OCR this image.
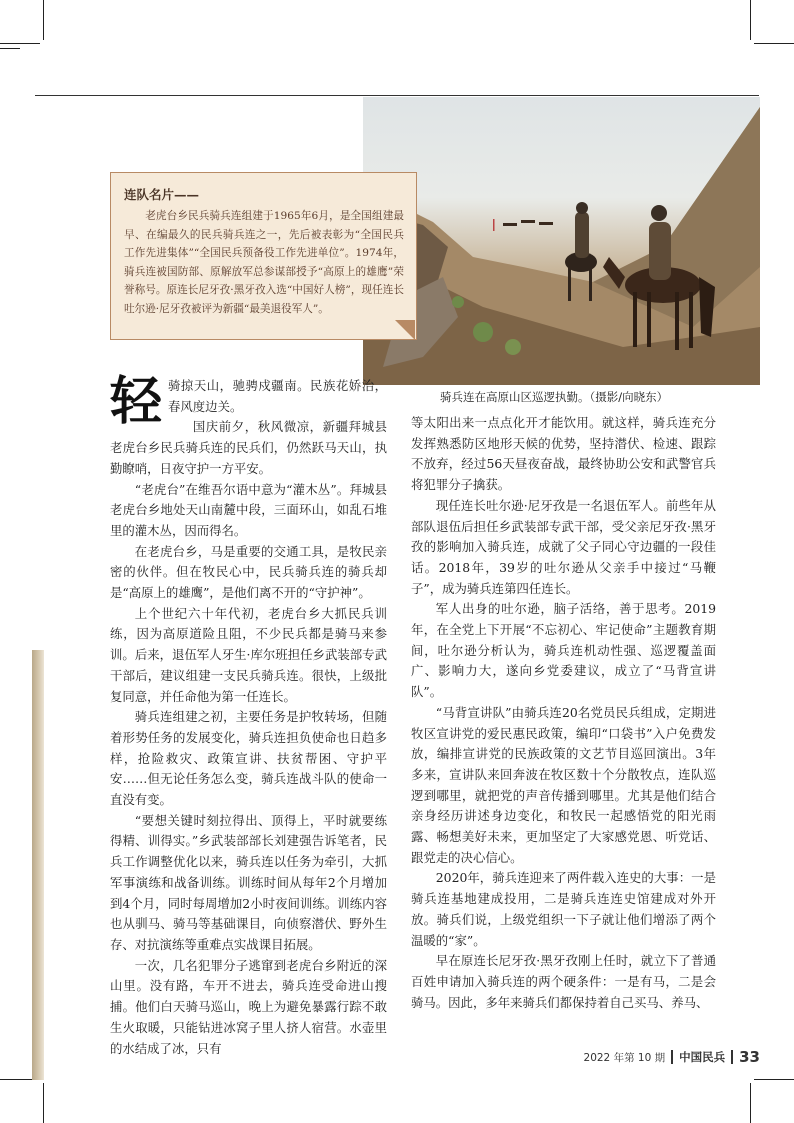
连队名片——

老虎台乡民兵骑兵连组建于1965年6月，是全国组建最早、在编最久的民兵骑兵连之一，先后被表彰为“全国民兵工作先进集体”“全国民兵预备役工作先进单位”。1974年，骑兵连被国防部、原解放军总参谋部授予“高原上的雄鹰”荣誉称号。原连长尼牙孜·黑牙孜入选“中国好人榜”，现任连长吐尔逊·尼牙孜被评为新疆“最美退役军人”。

骑兵连在高原山区巡逻执勤。（摄影/向晓东）
轻 骑掠天山，驰骋戍疆南。民族花娇治，春风度边关。

国庆前夕，秋风微凉，新疆拜城县老虎台乡民兵骑兵连的民兵们，仍然跃马天山，执勤瞭哨，日夜守护一方平安。

“老虎台”在维吾尔语中意为“灌木丛”。拜城县老虎台乡地处天山南麓中段，三面环山，如乱石堆里的灌木丛，因而得名。

在老虎台乡，马是重要的交通工具，是牧民亲密的伙伴。但在牧民心中，民兵骑兵连的骑兵却是“高原上的雄鹰”，是他们离不开的“守护神”。

上个世纪六十年代初，老虎台乡大抓民兵训练，因为高原道险且阻，不少民兵都是骑马来参训。后来，退伍军人牙生·库尔班担任乡武装部专武干部后，建议组建一支民兵骑兵连。很快，上级批复同意，并任命他为第一任连长。

骑兵连组建之初，主要任务是护牧转场，但随着形势任务的发展变化，骑兵连担负使命也日趋多样，抢险救灾、政策宣讲、扶贫帮困、守护平安……但无论任务怎么变，骑兵连战斗队的使命一直没有变。

“要想关键时刻拉得出、顶得上，平时就要练得精、训得实。”乡武装部部长刘建强告诉笔者，民兵工作调整优化以来，骑兵连以任务为牵引，大抓军事演练和战备训练。训练时间从每年2个月增加到4个月，同时每周增加2小时夜间训练。训练内容也从驯马、骑马等基础课目，向侦察潜伏、野外生存、对抗演练等重难点实战课目拓展。

一次，几名犯罪分子逃窜到老虎台乡附近的深山里。没有路，车开不进去，骑兵连受命进山搜捕。他们白天骑马巡山，晚上为避免暴露行踪不敢生火取暖，只能钻进冰窝子里人挤人宿营。水壶里的水结成了冰，只有

等太阳出来一点点化开才能饮用。就这样，骑兵连充分发挥熟悉防区地形天候的优势，坚持潜伏、检速、跟踪不放弃，经过56天昼夜奋战，最终协助公安和武警官兵将犯罪分子擒获。

现任连长吐尔逊·尼牙孜是一名退伍军人。前些年从部队退伍后担任乡武装部专武干部，受父亲尼牙孜·黑牙孜的影响加入骑兵连，成就了父子同心守边疆的一段佳话。2018年，39岁的吐尔逊从父亲手中接过“马鞭子”，成为骑兵连第四任连长。

军人出身的吐尔逊，脑子活络，善于思考。2019年，在全党上下开展“不忘初心、牢记使命”主题教育期间，吐尔逊分析认为，骑兵连机动性强、巡逻覆盖面广、影响力大，遂向乡党委建议，成立了“马背宣讲队”。

“马背宣讲队”由骑兵连20名党员民兵组成，定期进牧区宣讲党的爱民惠民政策，编印“口袋书”入户免费发放，编排宣讲党的民族政策的文艺节目巡回演出。3年多来，宣讲队来回奔波在牧区数十个分散牧点，连队巡逻到哪里，就把党的声音传播到哪里。尤其是他们结合亲身经历讲述身边变化，和牧民一起感悟党的阳光雨露、畅想美好未来，更加坚定了大家感党恩、听党话、跟党走的决心信心。

2020年，骑兵连迎来了两件载入连史的大事：一是骑兵连基地建成投用，二是骑兵连连史馆建成对外开放。骑兵们说，上级党组织一下子就让他们增添了两个温暖的“家”。

早在原连长尼牙孜·黑牙孜刚上任时，就立下了普通百姓申请加入骑兵连的两个硬条件：一是有马，二是会骑马。因此，多年来骑兵们都保持着自己买马、养马、

2022 年第 10 期 中国民兵 33
